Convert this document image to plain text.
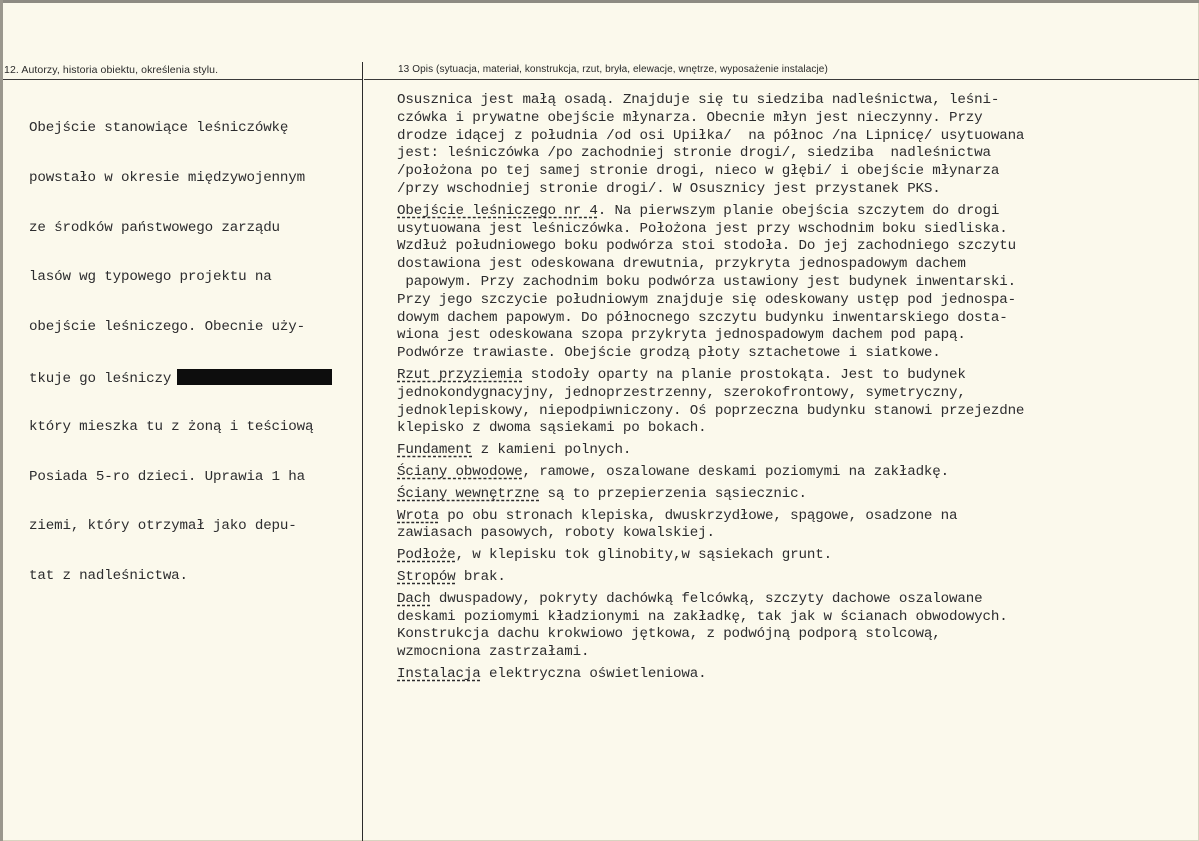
12. Autorzy, historia obiektu, określenia stylu.	13 Opis (sytuacja, materiał, konstrukcja, rzut, bryła, elewacje, wnętrze, wyposażenie instalacje)

Obejście stanowiące leśniczówkę

powstało w okresie międzywojennym

ze środków państwowego zarządu

lasów wg typowego projektu na

obejście leśniczego. Obecnie uży-

tkuje go leśniczy

który mieszka tu z żoną i teściową

Posiada 5-ro dzieci. Uprawia 1 ha

ziemi, który otrzymał jako depu-

tat z nadleśnictwa.

Osusznica jest małą osadą. Znajduje się tu siedziba nadleśnictwa, leśni-
czówka i prywatne obejście młynarza. Obecnie młyn jest nieczynny. Przy
drodze idącej z południa /od osi Upiłka/  na północ /na Lipnicę/ usytuowana
jest: leśniczówka /po zachodniej stronie drogi/, siedziba  nadleśnictwa
/położona po tej samej stronie drogi, nieco w głębi/ i obejście młynarza
/przy wschodniej stronie drogi/. W Osusznicy jest przystanek PKS.
Obejście leśniczego nr 4. Na pierwszym planie obejścia szczytem do drogi
usytuowana jest leśniczówka. Położona jest przy wschodnim boku siedliska.
Wzdłuż południowego boku podwórza stoi stodoła. Do jej zachodniego szczytu
dostawiona jest odeskowana drewutnia, przykryta jednospadowym dachem
papowym. Przy zachodnim boku podwórza ustawiony jest budynek inwentarski.
Przy jego szczycie południowym znajduje się odeskowany ustęp pod jednospa-
dowym dachem papowym. Do północnego szczytu budynku inwentarskiego dosta-
wiona jest odeskowana szopa przykryta jednospadowym dachem pod papą.
Podwórze trawiaste. Obejście grodzą płoty sztachetowe i siatkowe.
Rzut przyziemia stodoły oparty na planie prostokąta. Jest to budynek
jednokondygnacyjny, jednoprzestrzenny, szerokofrontowy, symetryczny,
jednoklepiskowy, niepodpiwniczony. Oś poprzeczna budynku stanowi przejezdne
klepisko z dwoma sąsiekami po bokach.
Fundament z kamieni polnych.
Ściany obwodowe, ramowe, oszalowane deskami poziomymi na zakładkę.
Ściany wewnętrzne są to przepierzenia sąsiecznic.
Wrota po obu stronach klepiska, dwuskrzydłowe, spągowe, osadzone na
zawiasach pasowych, roboty kowalskiej.
Podłoże, w klepisku tok glinobity,w sąsiekach grunt.
Stropów brak.
Dach dwuspadowy, pokryty dachówką felcówką, szczyty dachowe oszalowane
deskami poziomymi kładzionymi na zakładkę, tak jak w ścianach obwodowych.
Konstrukcja dachu krokwiowo jętkowa, z podwójną podporą stolcową,
wzmocniona zastrzałami.
Instalacja elektryczna oświetleniowa.
